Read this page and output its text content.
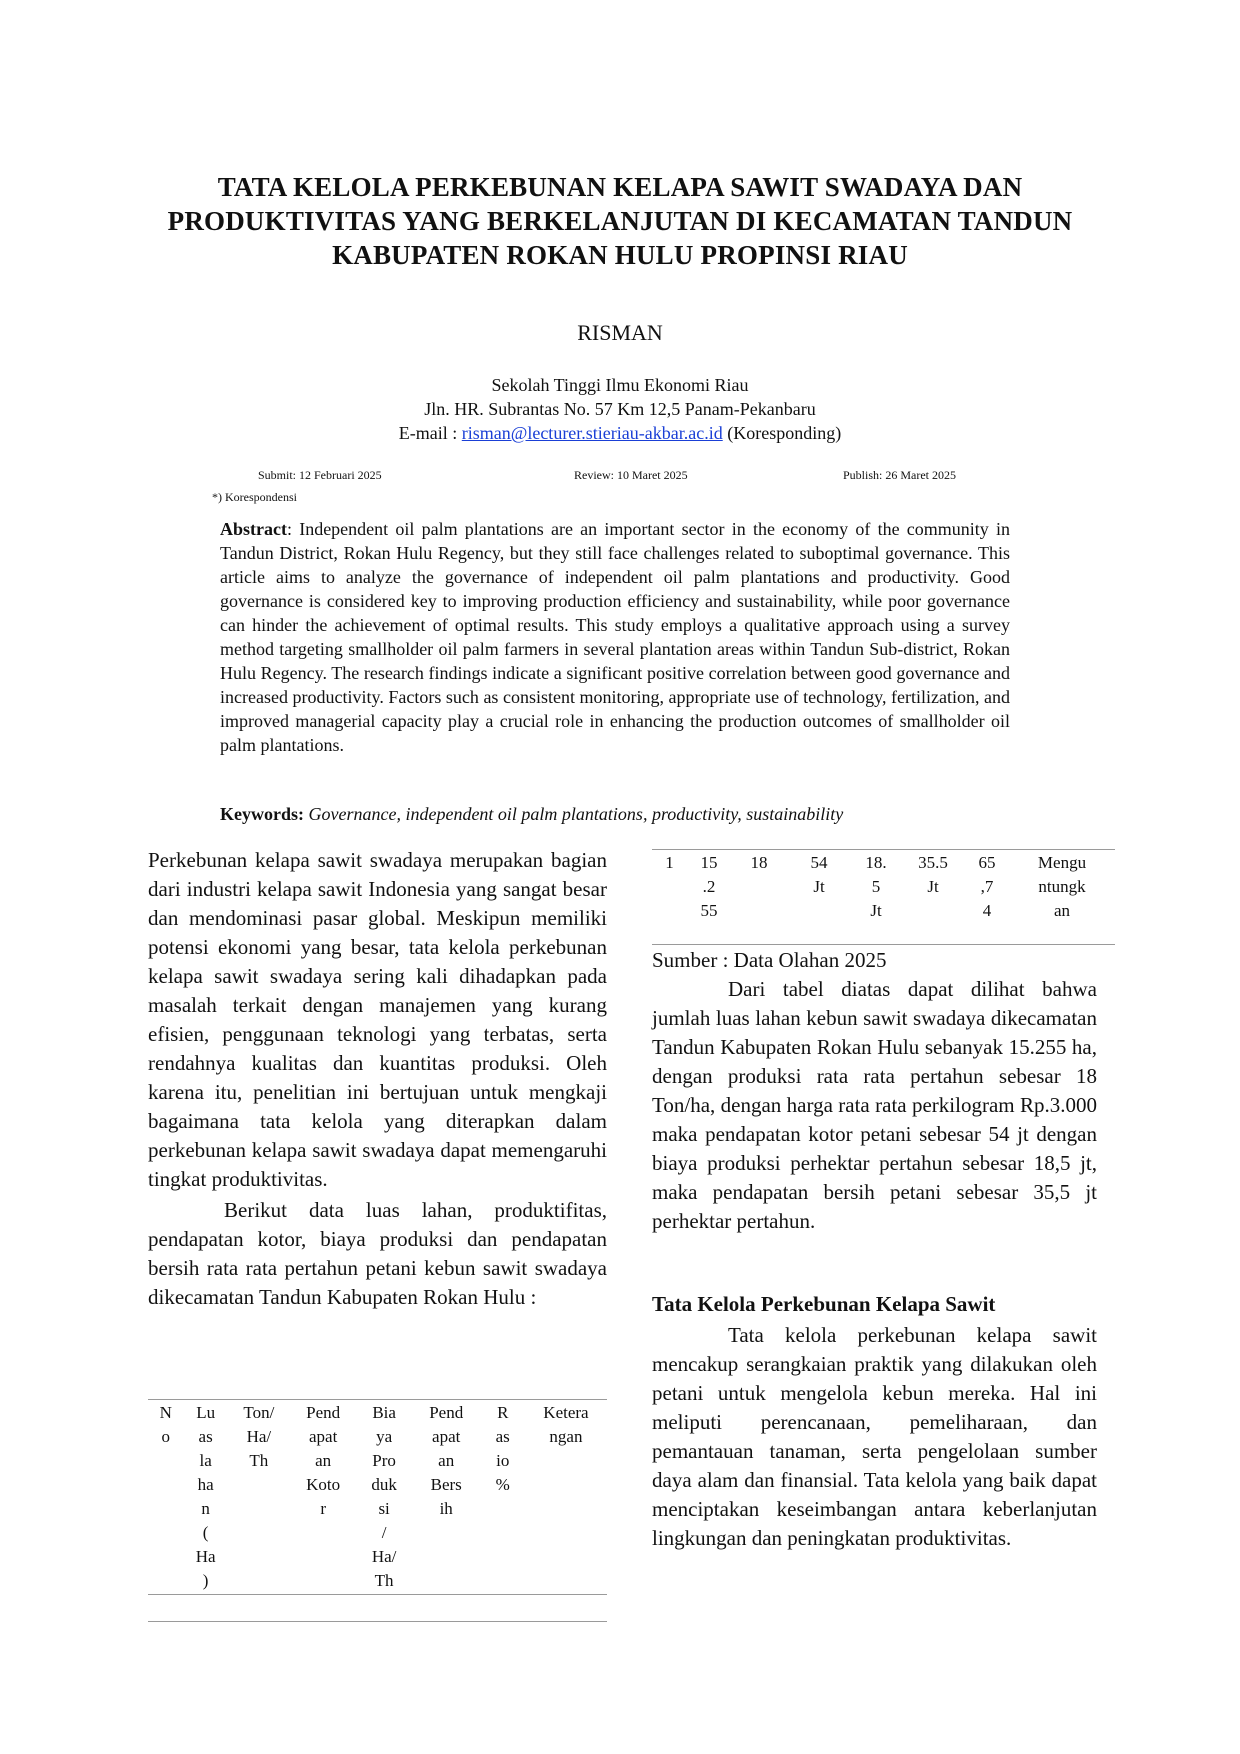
TATA KELOLA PERKEBUNAN KELAPA SAWIT SWADAYA DAN PRODUKTIVITAS YANG BERKELANJUTAN DI KECAMATAN TANDUN KABUPATEN ROKAN HULU PROPINSI RIAU
RISMAN
Sekolah Tinggi Ilmu Ekonomi Riau
Jln. HR. Subrantas No. 57 Km 12,5 Panam-Pekanbaru
E-mail : risman@lecturer.stieriau-akbar.ac.id (Koresponding)
Submit: 12 Februari 2025	Review: 10 Maret 2025	Publish: 26 Maret 2025
*) Korespondensi
Abstract: Independent oil palm plantations are an important sector in the economy of the community in Tandun District, Rokan Hulu Regency, but they still face challenges related to suboptimal governance. This article aims to analyze the governance of independent oil palm plantations and productivity. Good governance is considered key to improving production efficiency and sustainability, while poor governance can hinder the achievement of optimal results. This study employs a qualitative approach using a survey method targeting smallholder oil palm farmers in several plantation areas within Tandun Sub-district, Rokan Hulu Regency. The research findings indicate a significant positive correlation between good governance and increased productivity. Factors such as consistent monitoring, appropriate use of technology, fertilization, and improved managerial capacity play a crucial role in enhancing the production outcomes of smallholder oil palm plantations.
Keywords: Governance, independent oil palm plantations, productivity, sustainability
Perkebunan kelapa sawit swadaya merupakan bagian dari industri kelapa sawit Indonesia yang sangat besar dan mendominasi pasar global. Meskipun memiliki potensi ekonomi yang besar, tata kelola perkebunan kelapa sawit swadaya sering kali dihadapkan pada masalah terkait dengan manajemen yang kurang efisien, penggunaan teknologi yang terbatas, serta rendahnya kualitas dan kuantitas produksi. Oleh karena itu, penelitian ini bertujuan untuk mengkaji bagaimana tata kelola yang diterapkan dalam perkebunan kelapa sawit swadaya dapat memengaruhi tingkat produktivitas.
Berikut data luas lahan, produktifitas, pendapatan kotor, biaya produksi dan pendapatan bersih rata rata pertahun petani kebun sawit swadaya dikecamatan Tandun Kabupaten Rokan Hulu :
N o	Lu as la ha n ( Ha )	Ton/ Ha/ Th	Pend apat an Koto r	Bia ya Pro duk si / Ha/ Th	Pend apat an Bers ih	R as io %	Ketera ngan
1	15 .2 55	18	54 Jt	18. 5 Jt	35.5 Jt	65 ,7 4	Mengu ntungk an
Sumber : Data Olahan 2025
Dari tabel diatas dapat dilihat bahwa jumlah luas lahan kebun sawit swadaya dikecamatan Tandun Kabupaten Rokan Hulu sebanyak 15.255 ha, dengan produksi rata rata pertahun sebesar 18 Ton/ha, dengan harga rata rata perkilogram Rp.3.000 maka pendapatan kotor petani sebesar 54 jt dengan biaya produksi perhektar pertahun sebesar 18,5 jt, maka pendapatan bersih petani sebesar 35,5 jt perhektar pertahun.
Tata Kelola Perkebunan Kelapa Sawit
Tata kelola perkebunan kelapa sawit mencakup serangkaian praktik yang dilakukan oleh petani untuk mengelola kebun mereka. Hal ini meliputi perencanaan, pemeliharaan, dan pemantauan tanaman, serta pengelolaan sumber daya alam dan finansial. Tata kelola yang baik dapat menciptakan keseimbangan antara keberlanjutan lingkungan dan peningkatan produktivitas.
